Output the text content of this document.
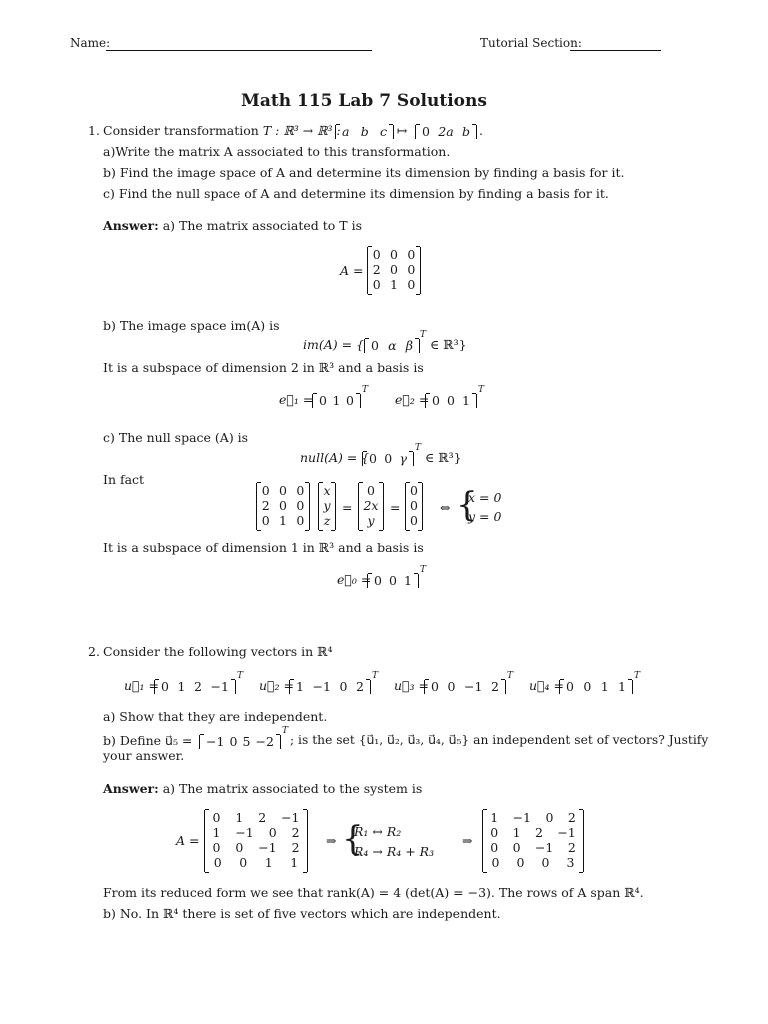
Name:	Tutorial Section:
Math 115 Lab 7 Solutions
1. Consider transformation T : ℝ³ → ℝ³ : a b c ↦ 0 2a b .
a)Write the matrix A associated to this transformation.
b) Find the image space of A and determine its dimension by finding a basis for it.
c) Find the null space of A and determine its dimension by finding a basis for it.
Answer: a) The matrix associated to T is
A =
0 0 0
2 0 0
0 1 0
b) The image space im(A) is
im(A) = { 0 α β
T
∈ ℝ³}
It is a subspace of dimension 2 in ℝ³ and a basis is
e⃗₁ = 0 1 0
T
e⃗₂ = 0 0 1
T
c) The null space (A) is
null(A) = { 0 0 γ
T
∈ ℝ³}
In fact
0 0 0
2 0 0
0 1 0
x
y
z
=
0
2x
y
=
0
0
0
⇔ {
x = 0
y = 0
It is a subspace of dimension 1 in ℝ³ and a basis is
e⃗₀ = 0 0 1
T
2. Consider the following vectors in ℝ⁴
u⃗₁ = 0 1 2 −1
T
u⃗₂ = 1 −1 0 2
T
u⃗₃ = 0 0 −1 2
T
u⃗₄ = 0 0 1 1
T
a) Show that they are independent.
b) Define u⃗₅ = −1 0 5 −2
T
; is the set {u⃗₁, u⃗₂, u⃗₃, u⃗₄, u⃗₅} an independent set of vectors? Justify
your answer.
Answer: a) The matrix associated to the system is
A =
0 1 2 −1
1 −1 0 2
0 0 −1 2
0 0 1 1
⇒ {
R₁ ↔ R₂
R₄ → R₄ + R₃
⇒
1 −1 0 2
0 1 2 −1
0 0 −1 2
0 0 0 3
From its reduced form we see that rank(A) = 4 (det(A) = −3). The rows of A span ℝ⁴.
b) No. In ℝ⁴ there is set of five vectors which are independent.
